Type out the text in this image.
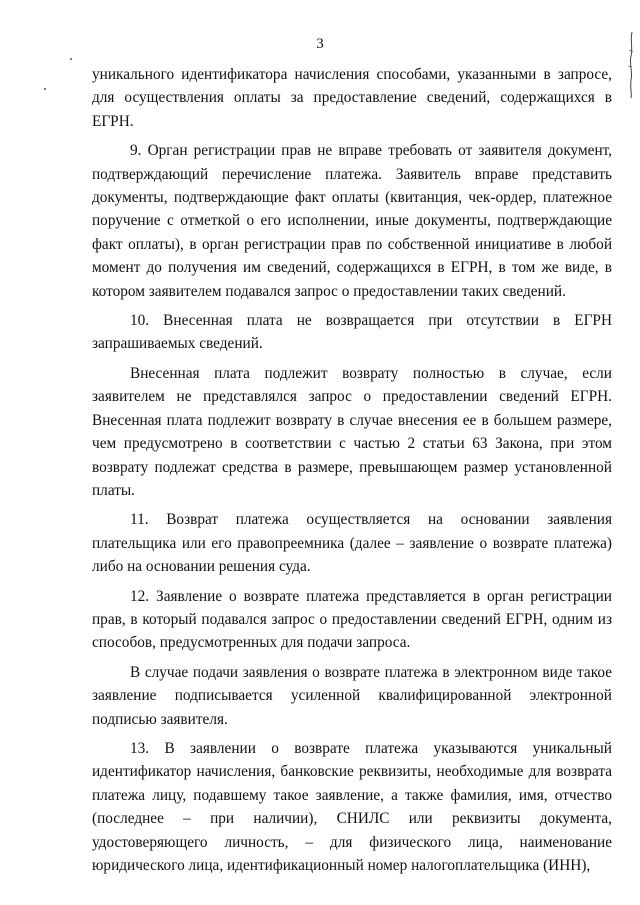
3

уникального идентификатора начисления способами, указанными в запросе, для осуществления оплаты за предоставление сведений, содержащихся в ЕГРН.

9. Орган регистрации прав не вправе требовать от заявителя документ, подтверждающий перечисление платежа. Заявитель вправе представить документы, подтверждающие факт оплаты (квитанция, чек-ордер, платежное поручение с отметкой о его исполнении, иные документы, подтверждающие факт оплаты), в орган регистрации прав по собственной инициативе в любой момент до получения им сведений, содержащихся в ЕГРН, в том же виде, в котором заявителем подавался запрос о предоставлении таких сведений.

10. Внесенная плата не возвращается при отсутствии в ЕГРН запрашиваемых сведений.

Внесенная плата подлежит возврату полностью в случае, если заявителем не представлялся запрос о предоставлении сведений ЕГРН. Внесенная плата подлежит возврату в случае внесения ее в большем размере, чем предусмотрено в соответствии с частью 2 статьи 63 Закона, при этом возврату подлежат средства в размере, превышающем размер установленной платы.

11. Возврат платежа осуществляется на основании заявления плательщика или его правопреемника (далее – заявление о возврате платежа) либо на основании решения суда.

12. Заявление о возврате платежа представляется в орган регистрации прав, в который подавался запрос о предоставлении сведений ЕГРН, одним из способов, предусмотренных для подачи запроса.

В случае подачи заявления о возврате платежа в электронном виде такое заявление подписывается усиленной квалифицированной электронной подписью заявителя.

13. В заявлении о возврате платежа указываются уникальный идентификатор начисления, банковские реквизиты, необходимые для возврата платежа лицу, подавшему такое заявление, а также фамилия, имя, отчество (последнее – при наличии), СНИЛС или реквизиты документа, удостоверяющего личность, – для физического лица, наименование юридического лица, идентификационный номер налогоплательщика (ИНН),
